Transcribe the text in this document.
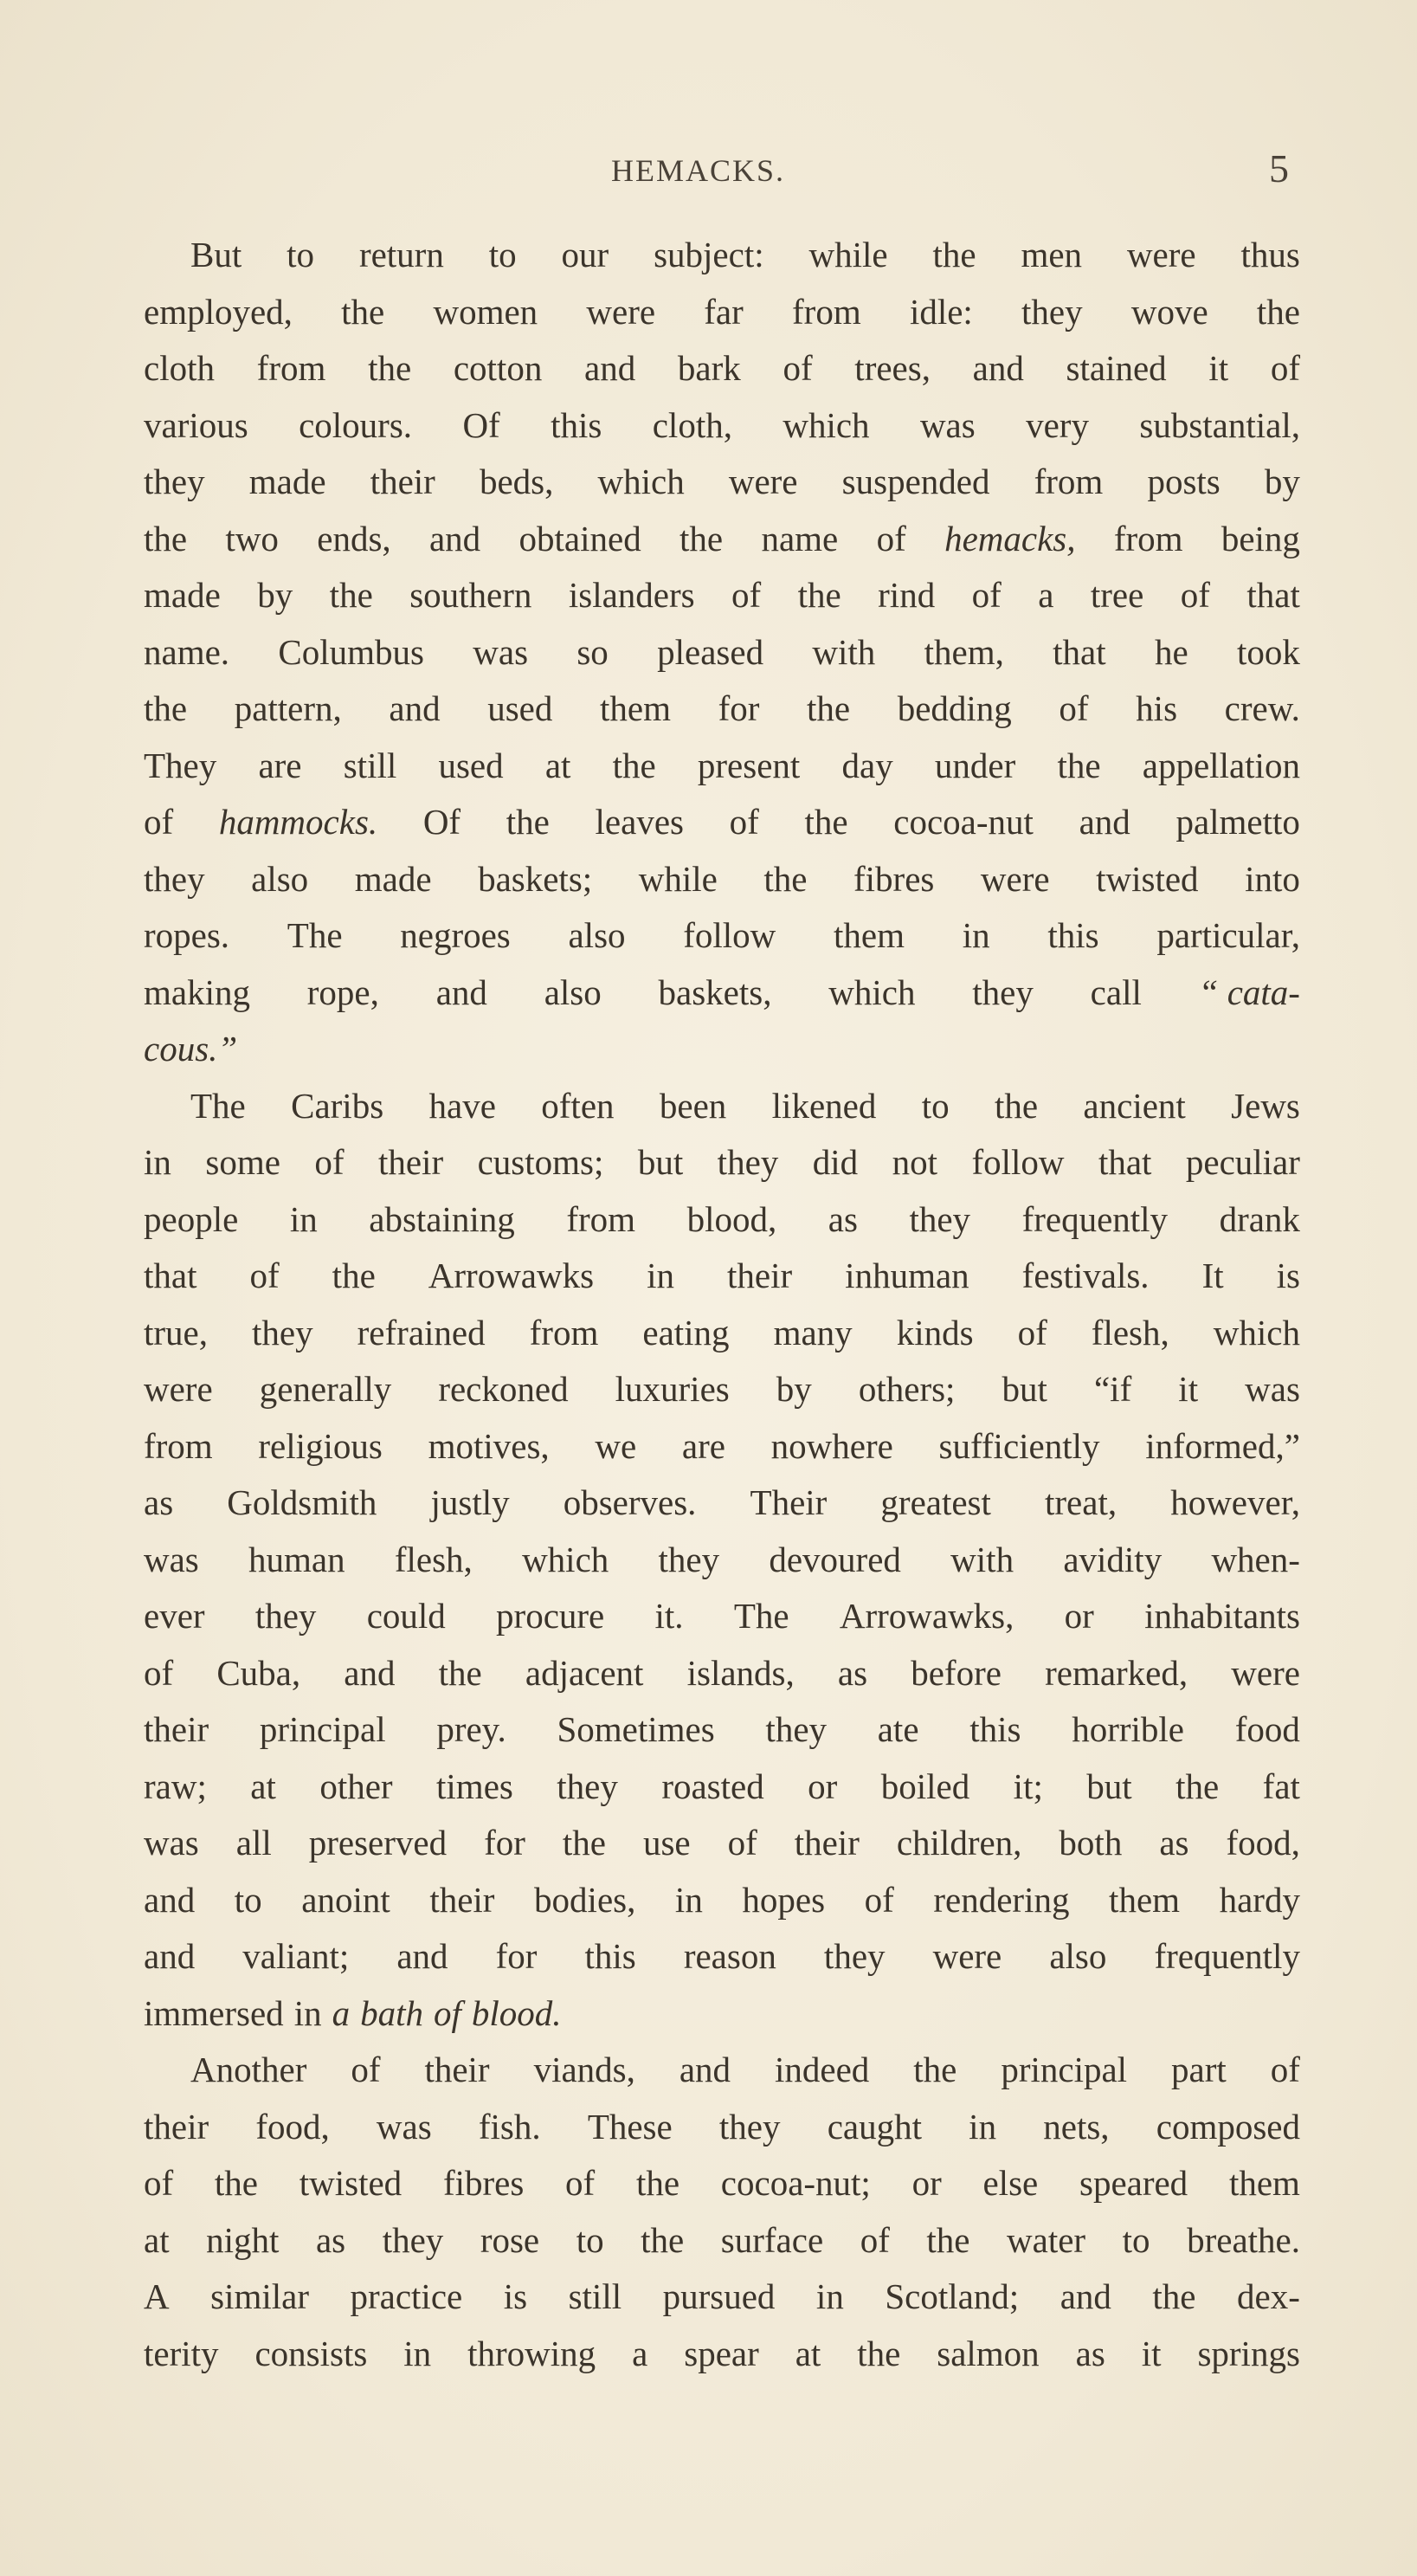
HEMACKS.	5
But to return to our subject: while the men were thus
employed, the women were far from idle: they wove the
cloth from the cotton and bark of trees, and stained it of
various colours. Of this cloth, which was very substantial,
they made their beds, which were suspended from posts by
the two ends, and obtained the name of hemacks, from being
made by the southern islanders of the rind of a tree of that
name. Columbus was so pleased with them, that he took
the pattern, and used them for the bedding of his crew.
They are still used at the present day under the appellation
of hammocks. Of the leaves of the cocoa-nut and palmetto
they also made baskets; while the fibres were twisted into
ropes. The negroes also follow them in this particular,
making rope, and also baskets, which they call “ cata-
cous.”
The Caribs have often been likened to the ancient Jews
in some of their customs; but they did not follow that peculiar
people in abstaining from blood, as they frequently drank
that of the Arrowawks in their inhuman festivals. It is
true, they refrained from eating many kinds of flesh, which
were generally reckoned luxuries by others; but “if it was
from religious motives, we are nowhere sufficiently informed,”
as Goldsmith justly observes. Their greatest treat, however,
was human flesh, which they devoured with avidity when-
ever they could procure it. The Arrowawks, or inhabitants
of Cuba, and the adjacent islands, as before remarked, were
their principal prey. Sometimes they ate this horrible food
raw; at other times they roasted or boiled it; but the fat
was all preserved for the use of their children, both as food,
and to anoint their bodies, in hopes of rendering them hardy
and valiant; and for this reason they were also frequently
immersed in a bath of blood.
Another of their viands, and indeed the principal part of
their food, was fish. These they caught in nets, composed
of the twisted fibres of the cocoa-nut; or else speared them
at night as they rose to the surface of the water to breathe.
A similar practice is still pursued in Scotland; and the dex-
terity consists in throwing a spear at the salmon as it springs
